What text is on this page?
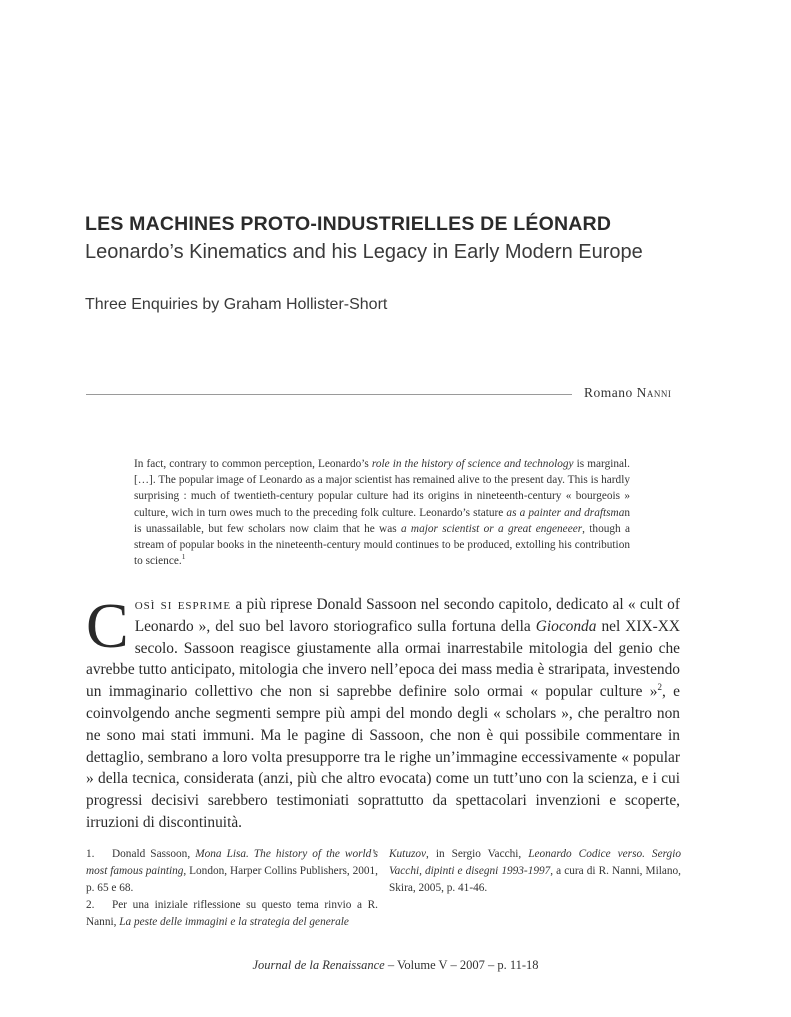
LES MACHINES PROTO-INDUSTRIELLES DE LÉONARD
Leonardo’s Kinematics and his Legacy in Early Modern Europe
Three Enquiries by Graham Hollister-Short
Romano Nanni
In fact, contrary to common perception, Leonardo’s role in the history of science and technology is marginal. […]. The popular image of Leonardo as a major scientist has remained alive to the present day. This is hardly surprising : much of twentieth-century popular culture had its origins in nineteenth-century « bourgeois » culture, wich in turn owes much to the preceding folk culture. Leonardo’s stature as a painter and draftsman is unassailable, but few scholars now claim that he was a major scientist or a great engeneeer, though a stream of popular books in the nineteenth-century mould continues to be produced, extolling his contribution to science.$^1$
Così si esprime a più riprese Donald Sassoon nel secondo capitolo, dedicato al « cult of Leonardo », del suo bel lavoro storiografico sulla fortuna della Gioconda nel XIX-XX secolo. Sassoon reagisce giustamente alla ormai inarrestabile mitologia del genio che avrebbe tutto anticipato, mitologia che invero nell’epoca dei mass media è straripata, investendo un immaginario collettivo che non si saprebbe definire solo ormai « popular culture »$^2$, e coinvolgendo anche segmenti sempre più ampi del mondo degli « scholars », che peraltro non ne sono mai stati immuni. Ma le pagine di Sassoon, che non è qui possibile commentare in dettaglio, sembrano a loro volta presupporre tra le righe un’immagine eccessivamente « popular » della tecnica, considerata (anzi, più che altro evocata) come un tutt’uno con la scienza, e i cui progressi decisivi sarebbero testimoniati soprattutto da spettacolari invenzioni e scoperte, irruzioni di discontinuità.

1. Donald Sassoon, Mona Lisa. The history of the world’s most famous painting, London, Harper Collins Publishers, 2001, p. 65 e 68.

2. Per una iniziale riflessione su questo tema rinvio a R. Nanni, La peste delle immagini e la strategia del generale

Kutuzov, in Sergio Vacchi, Leonardo Codice verso. Sergio Vacchi, dipinti e disegni 1993-1997, a cura di R. Nanni, Milano, Skira, 2005, p. 41-46.

Journal de la Renaissance – Volume V – 2007 – p. 11-18
